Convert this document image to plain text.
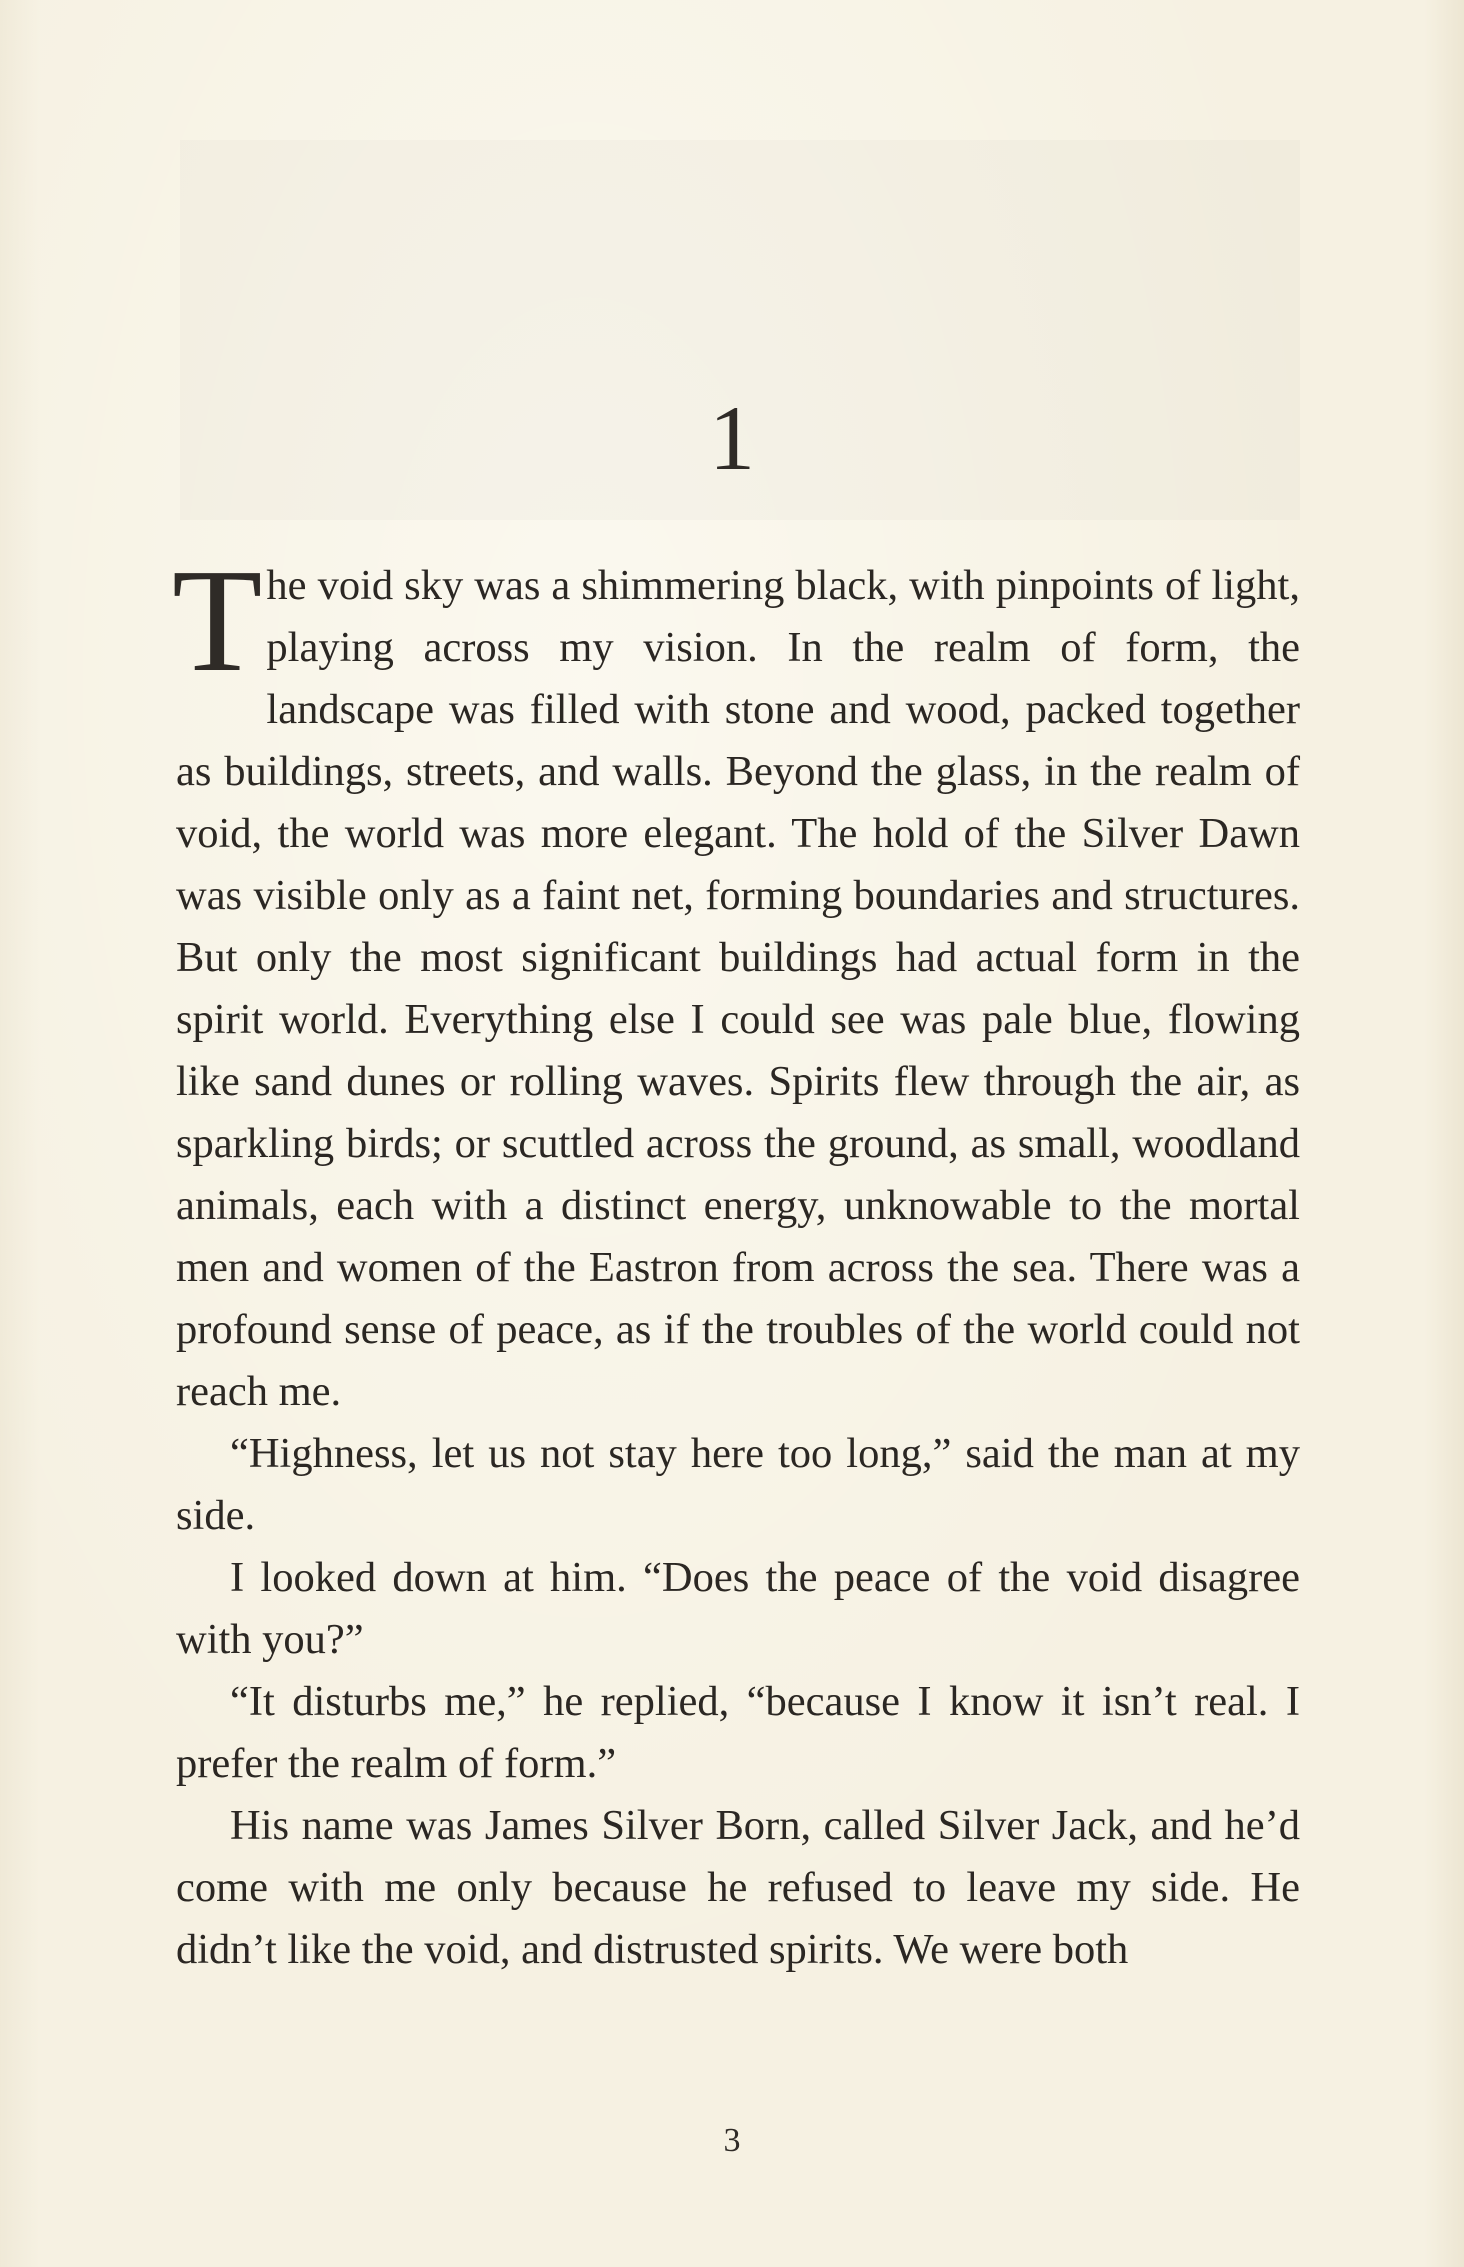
1

The void sky was a shimmering black, with pinpoints of light, playing across my vision. In the realm of form, the landscape was filled with stone and wood, packed together as buildings, streets, and walls. Beyond the glass, in the realm of void, the world was more elegant. The hold of the Silver Dawn was visible only as a faint net, forming boundaries and structures. But only the most significant buildings had actual form in the spirit world. Everything else I could see was pale blue, flowing like sand dunes or rolling waves. Spirits flew through the air, as sparkling birds; or scuttled across the ground, as small, woodland animals, each with a distinct energy, unknowable to the mortal men and women of the Eastron from across the sea. There was a profound sense of peace, as if the troubles of the world could not reach me.

“Highness, let us not stay here too long,” said the man at my side.

I looked down at him. “Does the peace of the void disagree with you?”

“It disturbs me,” he replied, “because I know it isn’t real. I prefer the realm of form.”

His name was James Silver Born, called Silver Jack, and he’d come with me only because he refused to leave my side. He didn’t like the void, and distrusted spirits. We were both

3
